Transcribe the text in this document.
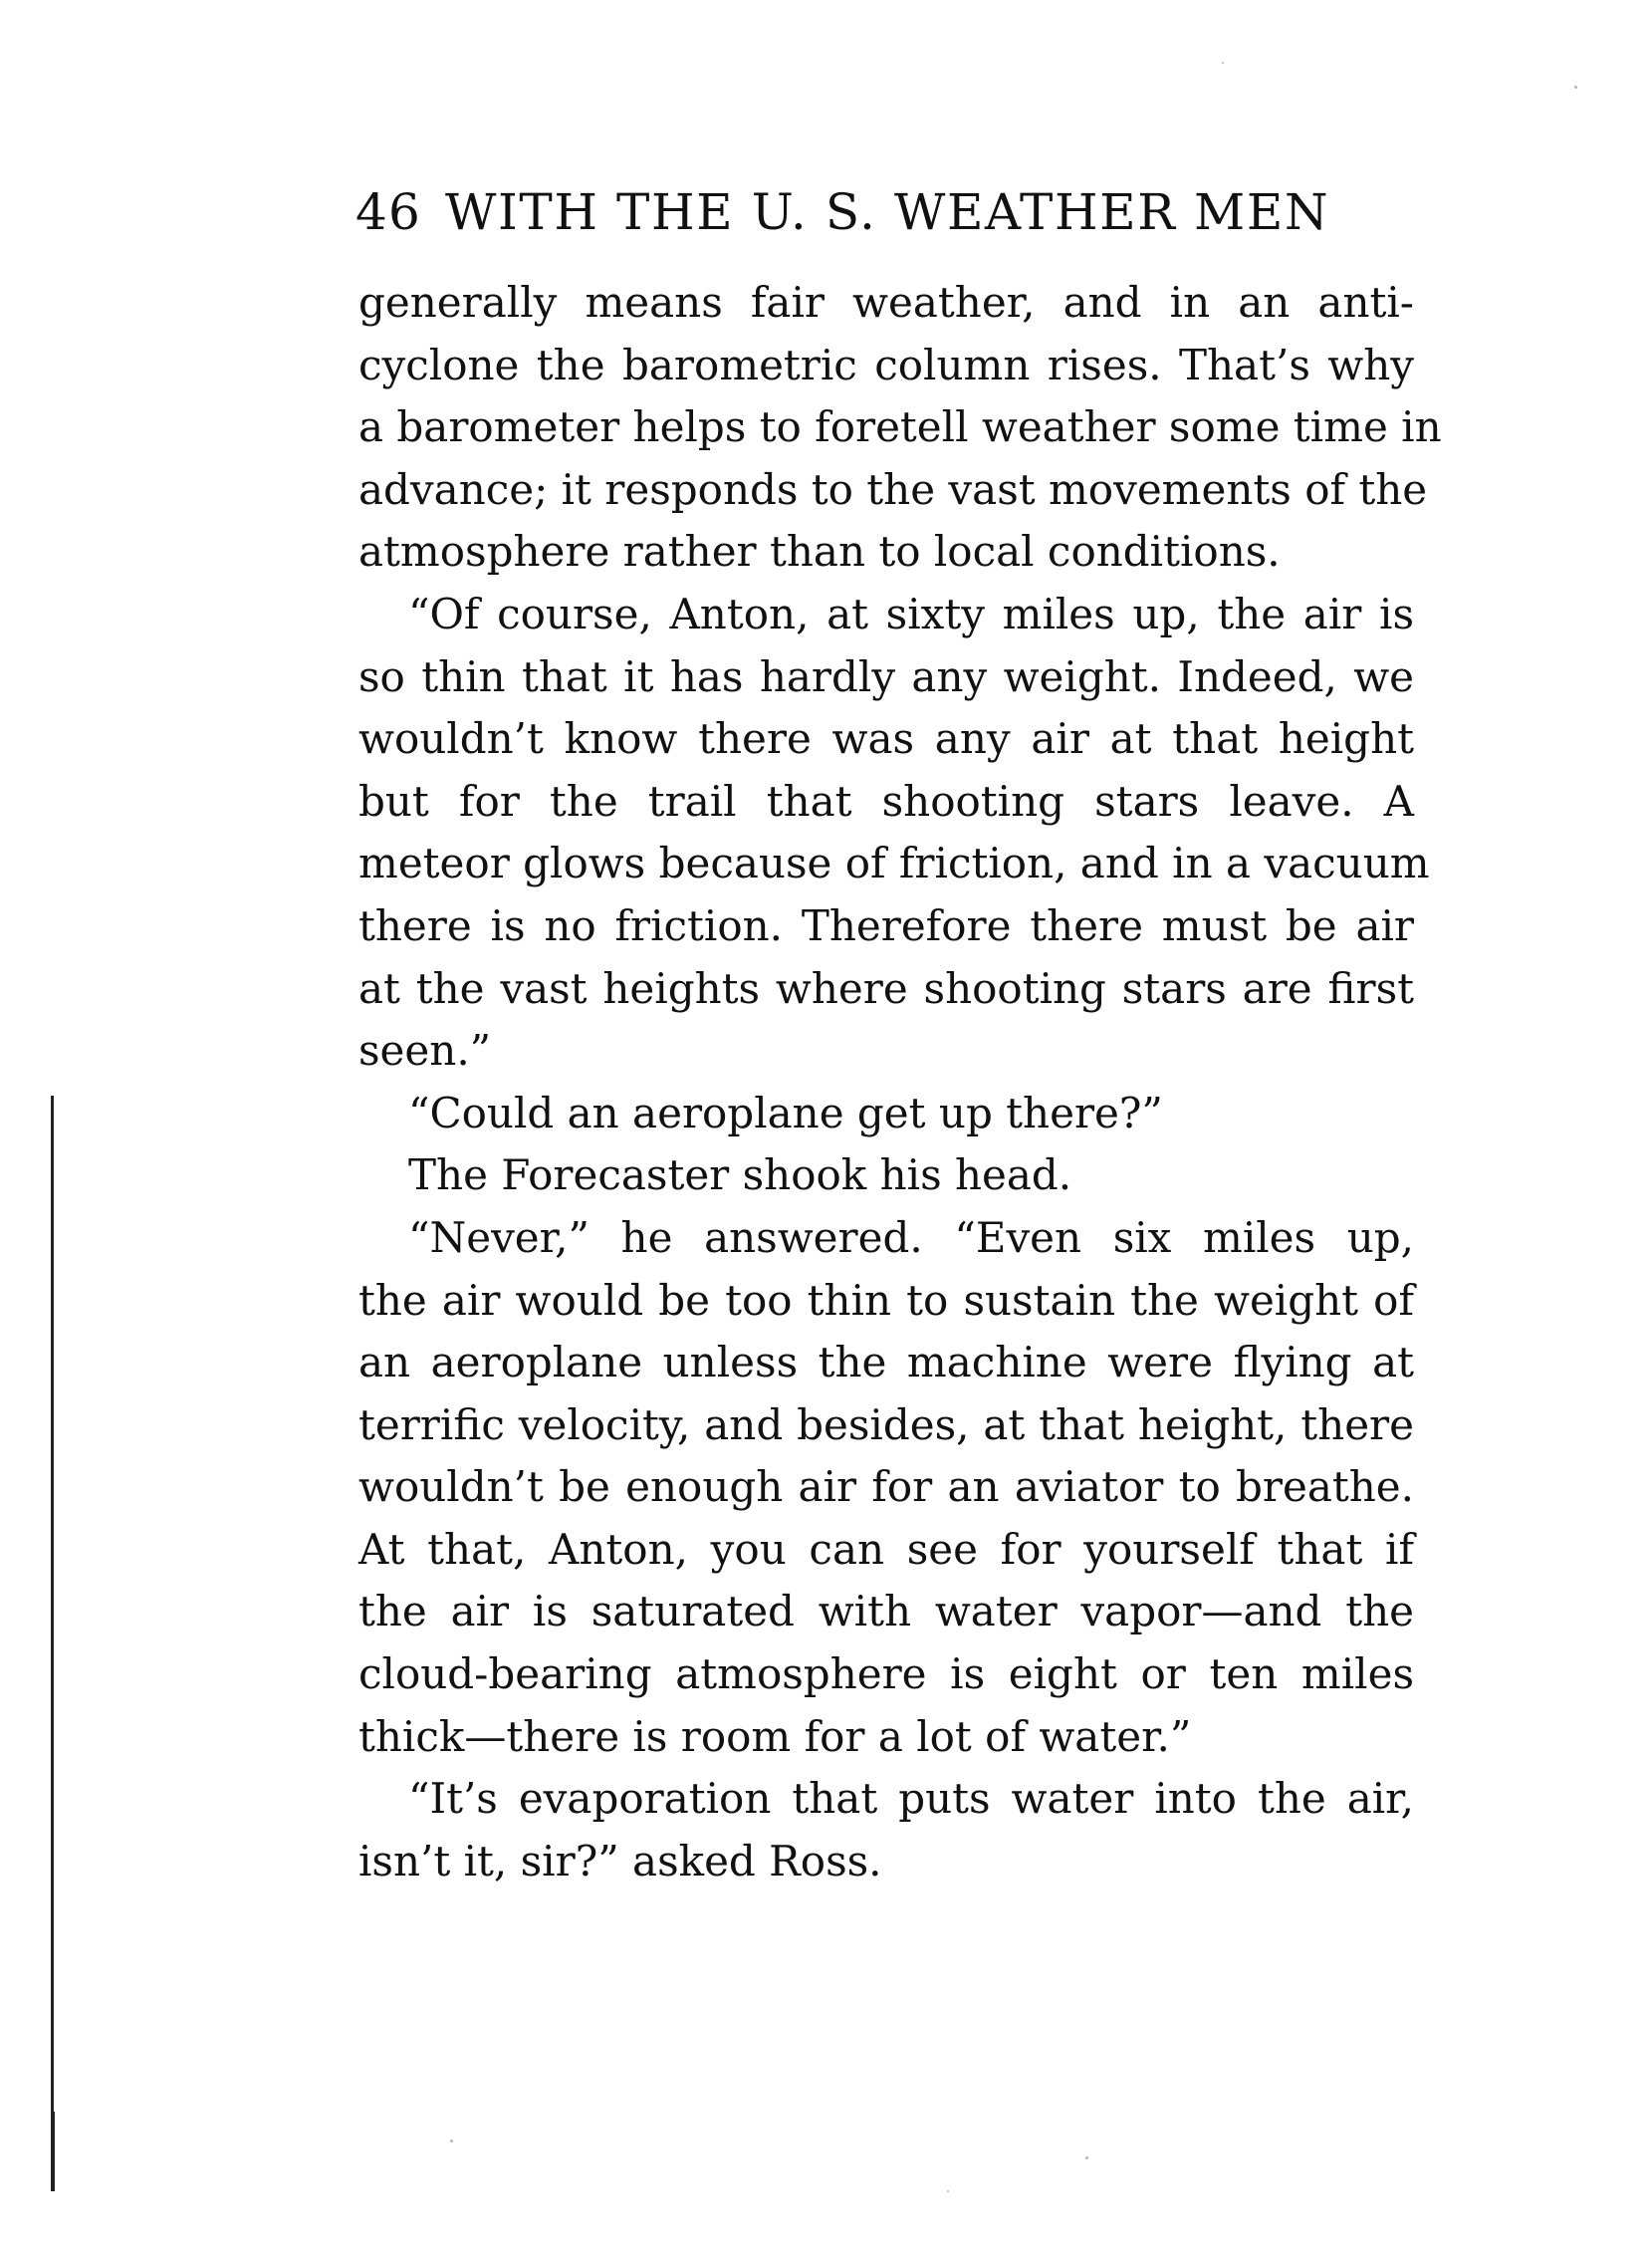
46 WITH THE U. S. WEATHER MEN

generally means fair weather, and in an anti-
cyclone the barometric column rises. That’s why
a barometer helps to foretell weather some time in
advance; it responds to the vast movements of the
atmosphere rather than to local conditions.

“Of course, Anton, at sixty miles up, the air is
so thin that it has hardly any weight. Indeed, we
wouldn’t know there was any air at that height
but for the trail that shooting stars leave. A
meteor glows because of friction, and in a vacuum
there is no friction. Therefore there must be air
at the vast heights where shooting stars are first
seen.”

“Could an aeroplane get up there?”

The Forecaster shook his head.

“Never,” he answered. “Even six miles up,
the air would be too thin to sustain the weight of
an aeroplane unless the machine were flying at
terrific velocity, and besides, at that height, there
wouldn’t be enough air for an aviator to breathe.
At that, Anton, you can see for yourself that if
the air is saturated with water vapor—and the
cloud-bearing atmosphere is eight or ten miles
thick—there is room for a lot of water.”

“It’s evaporation that puts water into the air,
isn’t it, sir?” asked Ross.
